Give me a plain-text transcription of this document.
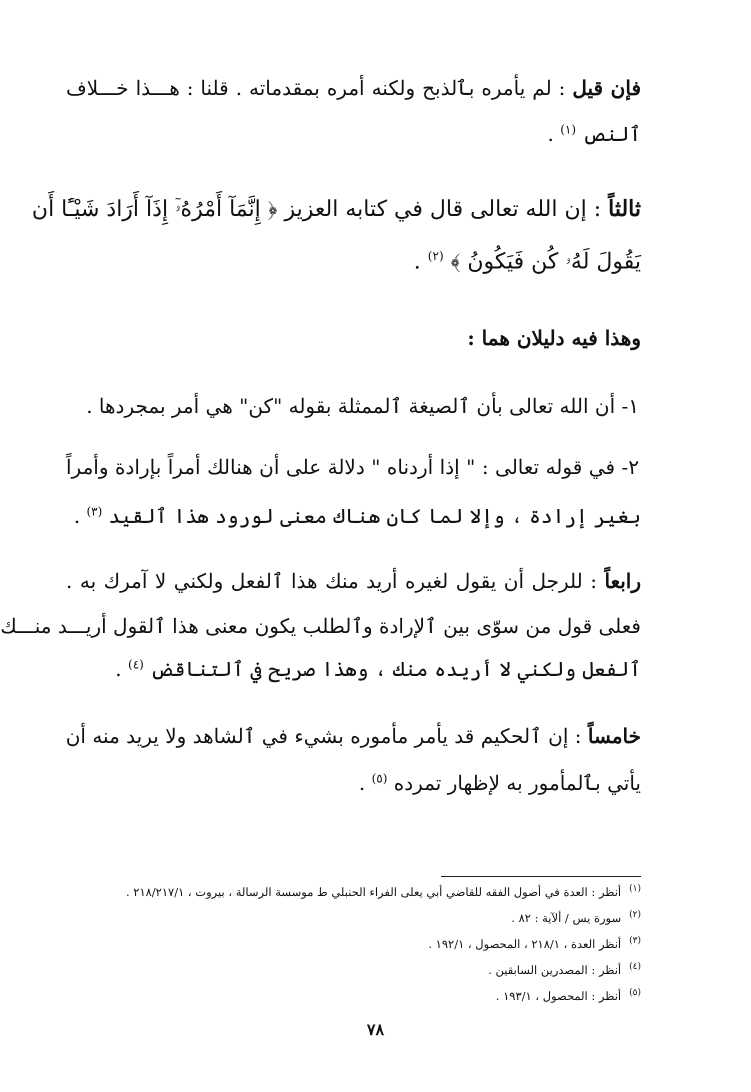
فإن قيل : لم يأمره بٱلذبح ولكنه أمره بمقدماته . قلنا : هـــذا خـــلاف
ٱلنص $^{(١)}$ .
ثالثاً : إن الله تعالى قال في كتابه العزيز ﴿ إِنَّمَآ أَمْرُهُۥٓ إِذَآ أَرَادَ شَيْـًٔا أَن
يَقُولَ لَهُۥ كُن فَيَكُونُ ﴾ $^{(٢)}$ .
وهذا فيه دليلان هما :
١- أن الله تعالى بأن ٱلصيغة ٱلممثلة بقوله "كن" هي أمر بمجردها .
٢- في قوله تعالى : " إذا أردناه " دلالة على أن هنالك أمراً بإرادة وأمراً
بغير إرادة ، وإلا لما كان هناك معنى لورود هذا ٱلقيد $^{(٣)}$ .
رابعاً : للرجل أن يقول لغيره أريد منك هذا ٱلفعل ولكني لا آمرك به .
فعلى قول من سوّى بين ٱلإرادة وٱلطلب يكون معنى هذا ٱلقول أريـــد منـــك
ٱلفعل ولكني لا أريده منك ، وهذا صريح في ٱلتناقض $^{(٤)}$ .
خامساً : إن ٱلحكيم قد يأمر مأموره بشيء في ٱلشاهد ولا يريد منه أن
يأتي بٱلمأمور به لإظهار تمرده $^{(٥)}$ .
$^{(١)}$أنظر : العدة في أصول الفقه للقاضي أبي يعلى الفراء الحنبلي ط موسسة الرسالة ، بيروت ، ٢١٨/٢١٧/١ .
$^{(٢)}$سورة يس / ألآية : ٨٢ .
$^{(٣)}$أنظر العدة ، ٢١٨/١ ، المحصول ، ١٩٢/١ .
$^{(٤)}$أنظر : المصدرين السابقين .
$^{(٥)}$أنظر : المحصول ، ١٩٣/١ .
٧٨
